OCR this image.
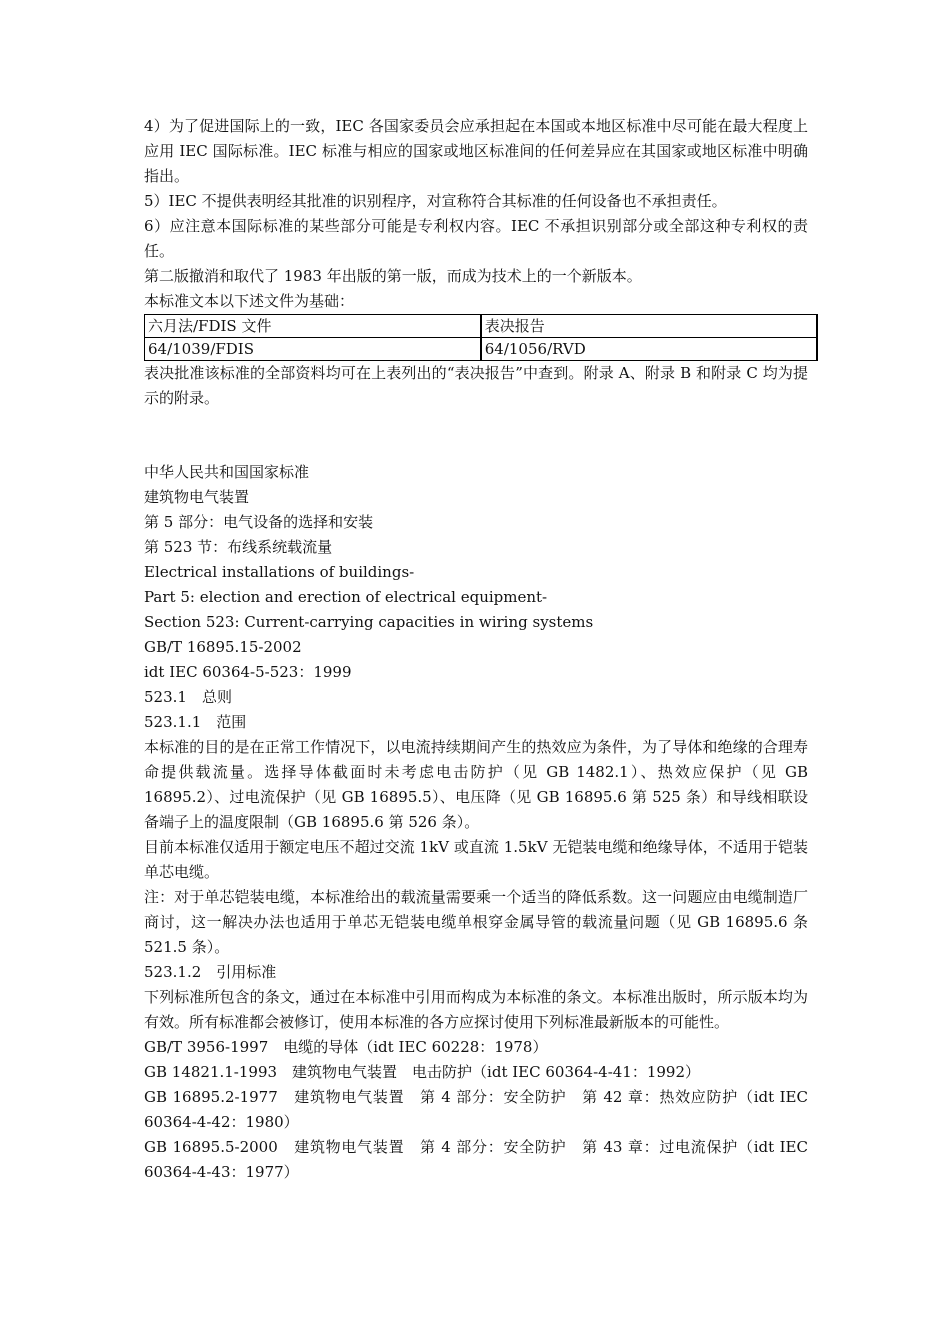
4）为了促进国际上的一致，IEC 各国家委员会应承担起在本国或本地区标准中尽可能在最大程度上应用 IEC 国际标准。IEC 标准与相应的国家或地区标准间的任何差异应在其国家或地区标准中明确指出。

5）IEC 不提供表明经其批准的识别程序，对宣称符合其标准的任何设备也不承担责任。

6）应注意本国际标准的某些部分可能是专利权内容。IEC 不承担识别部分或全部这种专利权的责任。

第二版撤消和取代了 1983 年出版的第一版，而成为技术上的一个新版本。

本标准文本以下述文件为基础：

六月法/FDIS 文件	表决报告
64/1039/FDIS	64/1056/RVD

表决批准该标准的全部资料均可在上表列出的“表决报告”中查到。附录 A、附录 B 和附录 C 均为提示的附录。

中华人民共和国国家标准

建筑物电气装置

第 5 部分：电气设备的选择和安装

第 523 节：布线系统载流量

Electrical installations of buildings-

Part 5: election and erection of electrical equipment-

Section 523: Current-carrying capacities in wiring systems

GB/T 16895.15-2002

idt IEC 60364-5-523：1999

523.1　总则

523.1.1　范围

本标准的目的是在正常工作情况下，以电流持续期间产生的热效应为条件，为了导体和绝缘的合理寿命提供载流量。选择导体截面时未考虑电击防护（见 GB 1482.1）、热效应保护（见 GB 16895.2）、过电流保护（见 GB 16895.5）、电压降（见 GB 16895.6 第 525 条）和导线相联设备端子上的温度限制（GB 16895.6 第 526 条）。

目前本标准仅适用于额定电压不超过交流 1kV 或直流 1.5kV 无铠装电缆和绝缘导体，不适用于铠装单芯电缆。

注：对于单芯铠装电缆，本标准给出的载流量需要乘一个适当的降低系数。这一问题应由电缆制造厂商讨，这一解决办法也适用于单芯无铠装电缆单根穿金属导管的载流量问题（见 GB 16895.6 条 521.5 条）。

523.1.2　引用标准

下列标准所包含的条文，通过在本标准中引用而构成为本标准的条文。本标准出版时，所示版本均为有效。所有标准都会被修订，使用本标准的各方应探讨使用下列标准最新版本的可能性。

GB/T 3956-1997　电缆的导体（idt IEC 60228：1978）

GB 14821.1-1993　建筑物电气装置　电击防护（idt IEC 60364-4-41：1992）

GB 16895.2-1977　建筑物电气装置　第 4 部分：安全防护　第 42 章：热效应防护（idt IEC 60364-4-42：1980）

GB 16895.5-2000　建筑物电气装置　第 4 部分：安全防护　第 43 章：过电流保护（idt IEC 60364-4-43：1977）
